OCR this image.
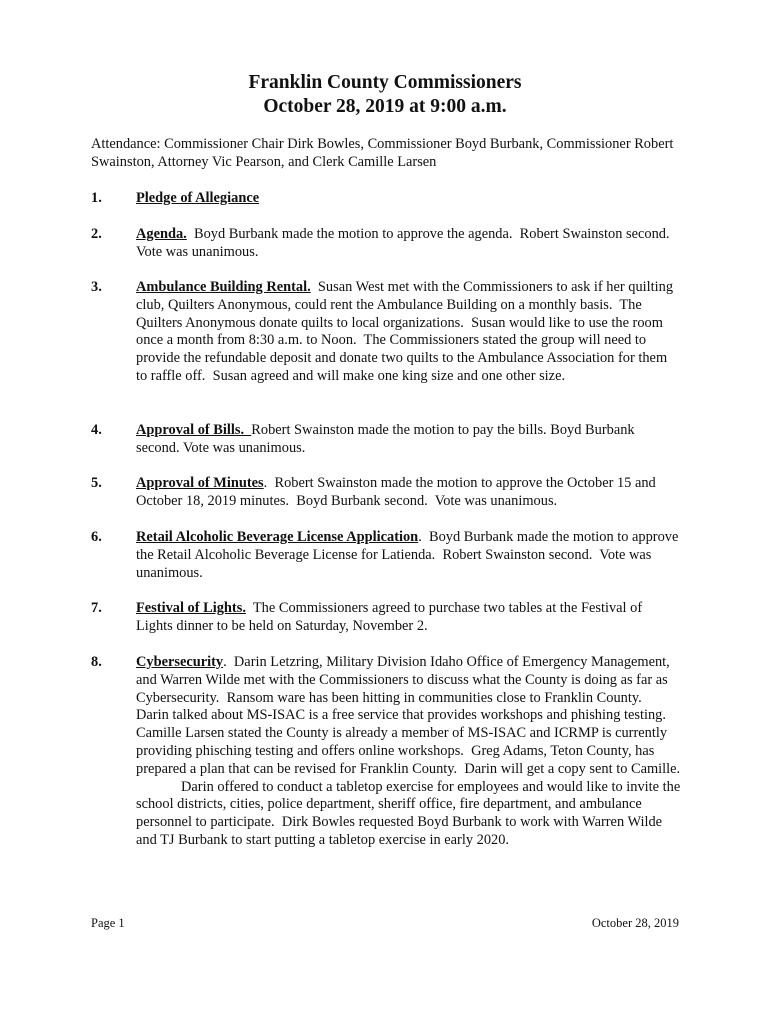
Franklin County Commissioners
October 28, 2019 at 9:00 a.m.
Attendance: Commissioner Chair Dirk Bowles, Commissioner Boyd Burbank, Commissioner Robert Swainston, Attorney Vic Pearson, and Clerk Camille Larsen
1. Pledge of Allegiance
2. Agenda.  Boyd Burbank made the motion to approve the agenda.  Robert Swainston second.  Vote was unanimous.
3. Ambulance Building Rental.  Susan West met with the Commissioners to ask if her quilting club, Quilters Anonymous, could rent the Ambulance Building on a monthly basis.  The Quilters Anonymous donate quilts to local organizations.  Susan would like to use the room once a month from 8:30 a.m. to Noon.  The Commissioners stated the group will need to provide the refundable deposit and donate two quilts to the Ambulance Association for them to raffle off.  Susan agreed and will make one king size and one other size.
4. Approval of Bills.  Robert Swainston made the motion to pay the bills. Boyd Burbank second. Vote was unanimous.
5. Approval of Minutes.  Robert Swainston made the motion to approve the October 15 and October 18, 2019 minutes.  Boyd Burbank second.  Vote was unanimous.
6. Retail Alcoholic Beverage License Application.  Boyd Burbank made the motion to approve the Retail Alcoholic Beverage License for Latienda.  Robert Swainston second.  Vote was unanimous.
7. Festival of Lights.  The Commissioners agreed to purchase two tables at the Festival of Lights dinner to be held on Saturday, November 2.
8. Cybersecurity.  Darin Letzring, Military Division Idaho Office of Emergency Management, and Warren Wilde met with the Commissioners to discuss what the County is doing as far as Cybersecurity.  Ransom ware has been hitting in communities close to Franklin County.  Darin talked about MS-ISAC is a free service that provides workshops and phishing testing.  Camille Larsen stated the County is already a member of MS-ISAC and ICRMP is currently providing phisching testing and offers online workshops.  Greg Adams, Teton County, has prepared a plan that can be revised for Franklin County.  Darin will get a copy sent to Camille.
Darin offered to conduct a tabletop exercise for employees and would like to invite the school districts, cities, police department, sheriff office, fire department, and ambulance personnel to participate.  Dirk Bowles requested Boyd Burbank to work with Warren Wilde and TJ Burbank to start putting a tabletop exercise in early 2020.
Page 1	October 28, 2019
